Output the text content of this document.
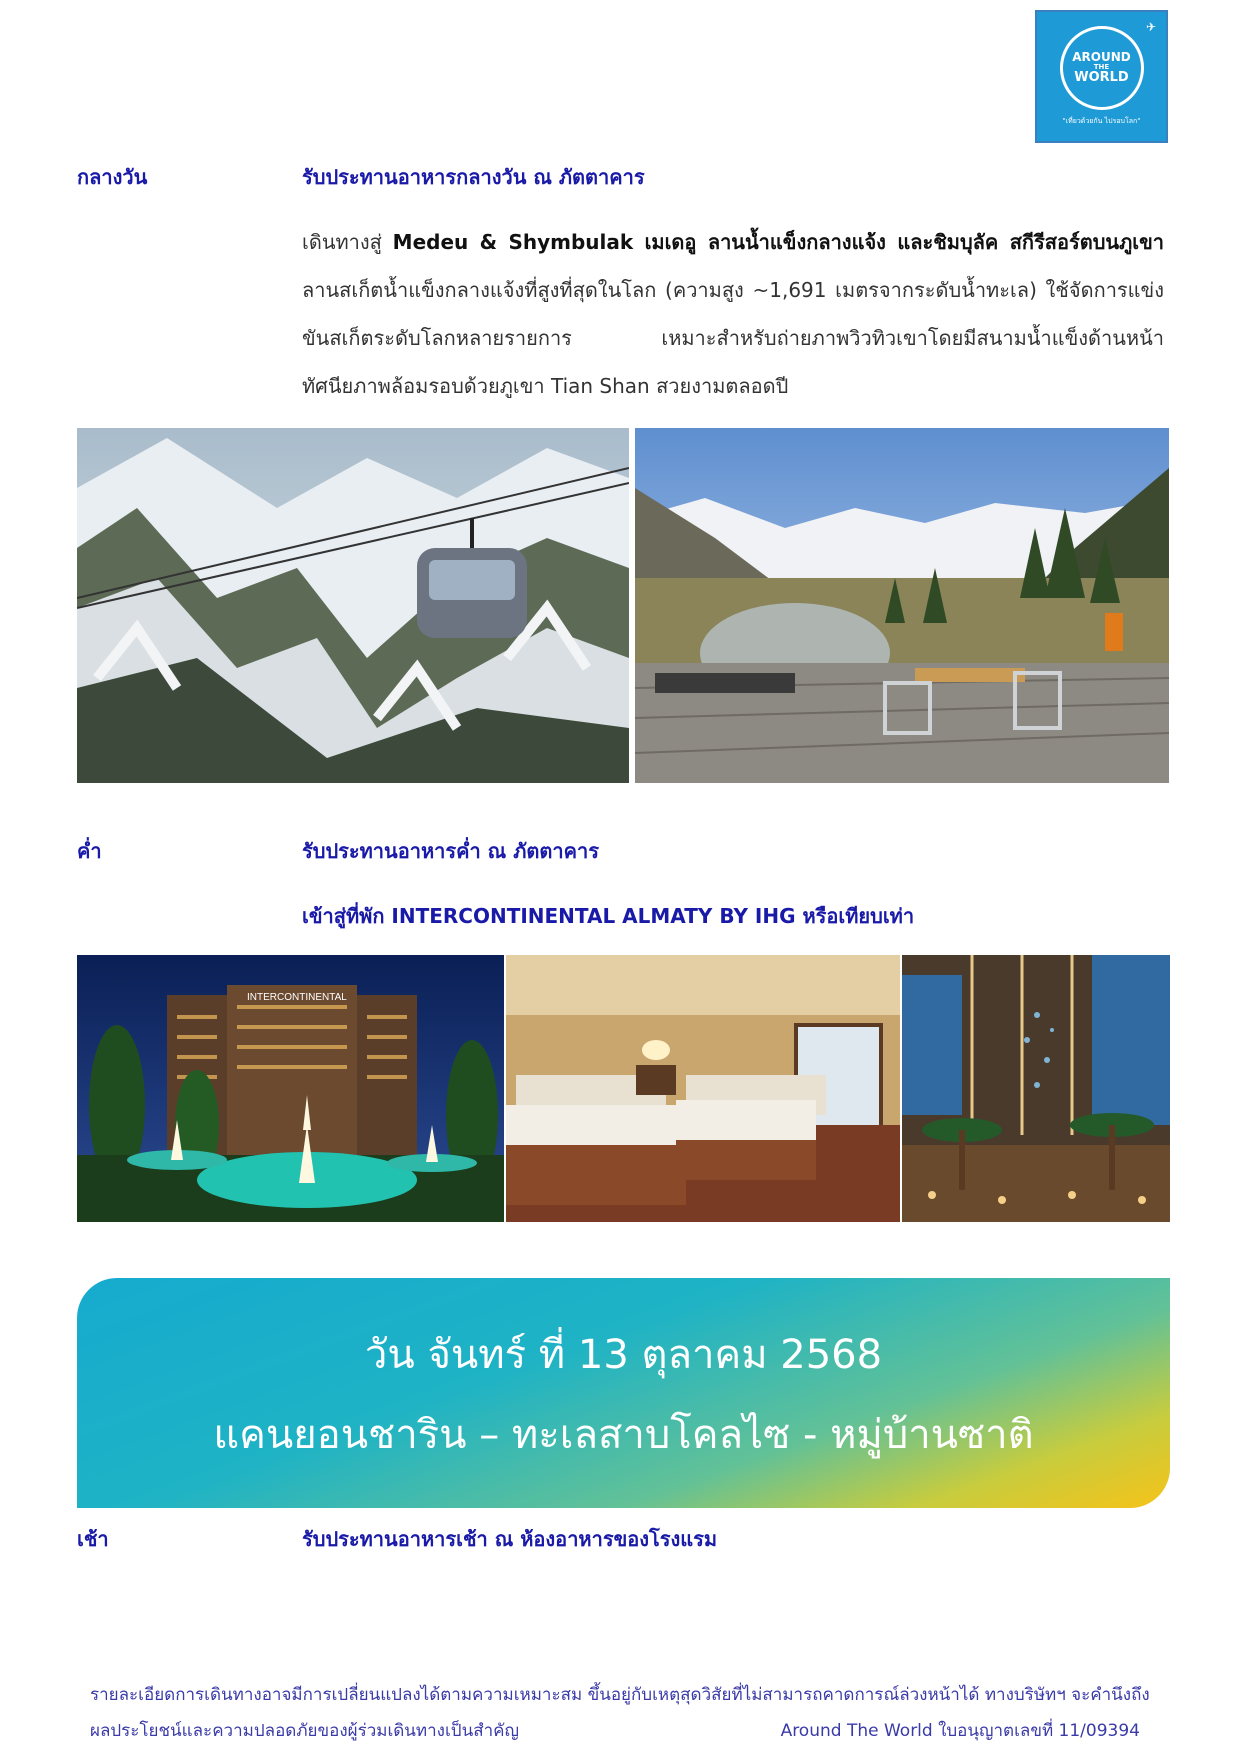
✈
AROUND
THE
WORLD
"เที่ยวด้วยกัน ไปรอบโลก"
กลางวัน	รับประทานอาหารกลางวัน ณ ภัตตาคาร
เดินทางสู่ Medeu & Shymbulak เมเดอู ลานน้ำแข็งกลางแจ้ง และชิมบุลัค สกีรีสอร์ตบนภูเขา ลานสเก็ตน้ำแข็งกลางแจ้งที่สูงที่สุดในโลก (ความสูง ~1,691 เมตรจากระดับน้ำทะเล) ใช้จัดการแข่งขันสเก็ตระดับโลกหลายรายการ เหมาะสำหรับถ่ายภาพวิวทิวเขาโดยมีสนามน้ำแข็งด้านหน้า ทัศนียภาพล้อมรอบด้วยภูเขา Tian Shan สวยงามตลอดปี
ค่ำ	รับประทานอาหารค่ำ ณ ภัตตาคาร
เข้าสู่ที่พัก INTERCONTINENTAL ALMATY BY IHG หรือเทียบเท่า
INTERCONTINENTAL
วัน จันทร์ ที่ 13 ตุลาคม 2568
แคนยอนชาริน – ทะเลสาบโคลไซ - หมู่บ้านซาติ
เช้า	รับประทานอาหารเช้า ณ ห้องอาหารของโรงแรม
รายละเอียดการเดินทางอาจมีการเปลี่ยนแปลงได้ตามความเหมาะสม ขึ้นอยู่กับเหตุสุดวิสัยที่ไม่สามารถคาดการณ์ล่วงหน้าได้ ทางบริษัทฯ จะคำนึงถึง
ผลประโยชน์และความปลอดภัยของผู้ร่วมเดินทางเป็นสำคัญ	Around The World ใบอนุญาตเลขที่ 11/09394
